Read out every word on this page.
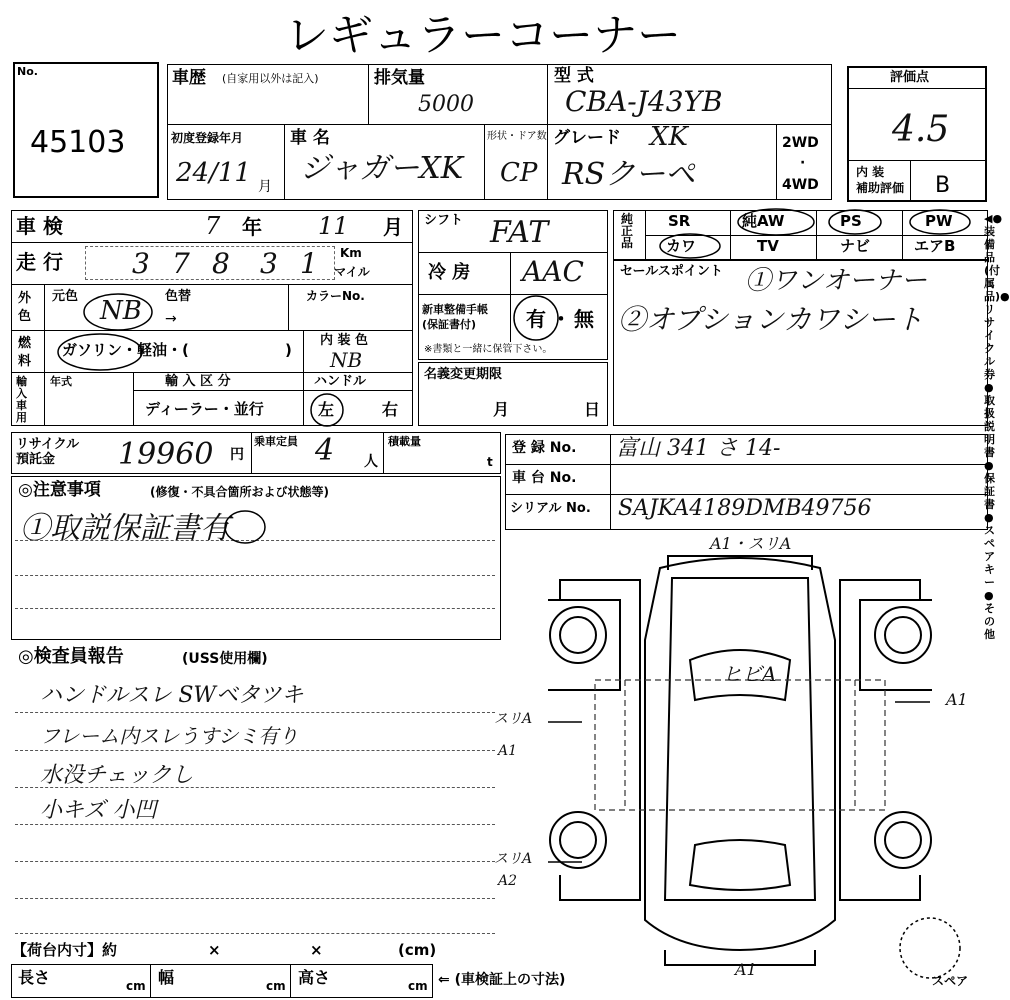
レギュラーコーナー
No.
45103
車歴 (自家用以外は記入)	排気量
5000
型 式
CBA-J43YB
初度登録年月
24/11 月
車 名
ジャガーXK
形状・ドア数
CP
グレード XK
RSクーペ
2WD
·
4WD
評価点
4.5
内 装
補助評価 B
車 検	7 年 11 月
走 行 3 7 8 3 1 Km
マイル
外色
元色 NB 色替
→
カラーNo.
燃料
ガソリン・軽油・(	)
内 装 色
NB
輸入車用
年式	輸 入 区 分
ディーラー・並行
ハンドル
左	右
シフト FAT
冷 房 AAC
新車整備手帳
(保証書付)	有 ・ 無
※書類と一緒に保管下さい。
名義変更期限
月	日
純正品
SR	純AW	PS	PW
カワ	TV	ナビ	エアB
セールスポイント ①ワンオーナー
②オプションカワシート
◀●装備品(付属品)●リサイクル券●取扱説明書●保証書●スペアキー●その他
リサイクル
預託金	19960 円
乗車定員 4 人
積載量
t
登 録 No. 富山 341 さ 14-
車 台 No.
シリアル No. SAJKA4189DMB49756
◎注意事項	(修復・不具合箇所および状態等)
①取説保証書有
◎検査員報告	(USS使用欄)
ハンドルスレ SWベタツキ
フレーム内スレうすシミ有り
水没チェックし
小キズ 小凹
【荷台内寸】約	×	×	(cm)
長さ	cm 幅	cm 高さ	cm ⇐ (車検証上の寸法)
A1・スリA
ヒビA
A1
スリA
A1
スリA
A2
A1
スペア
